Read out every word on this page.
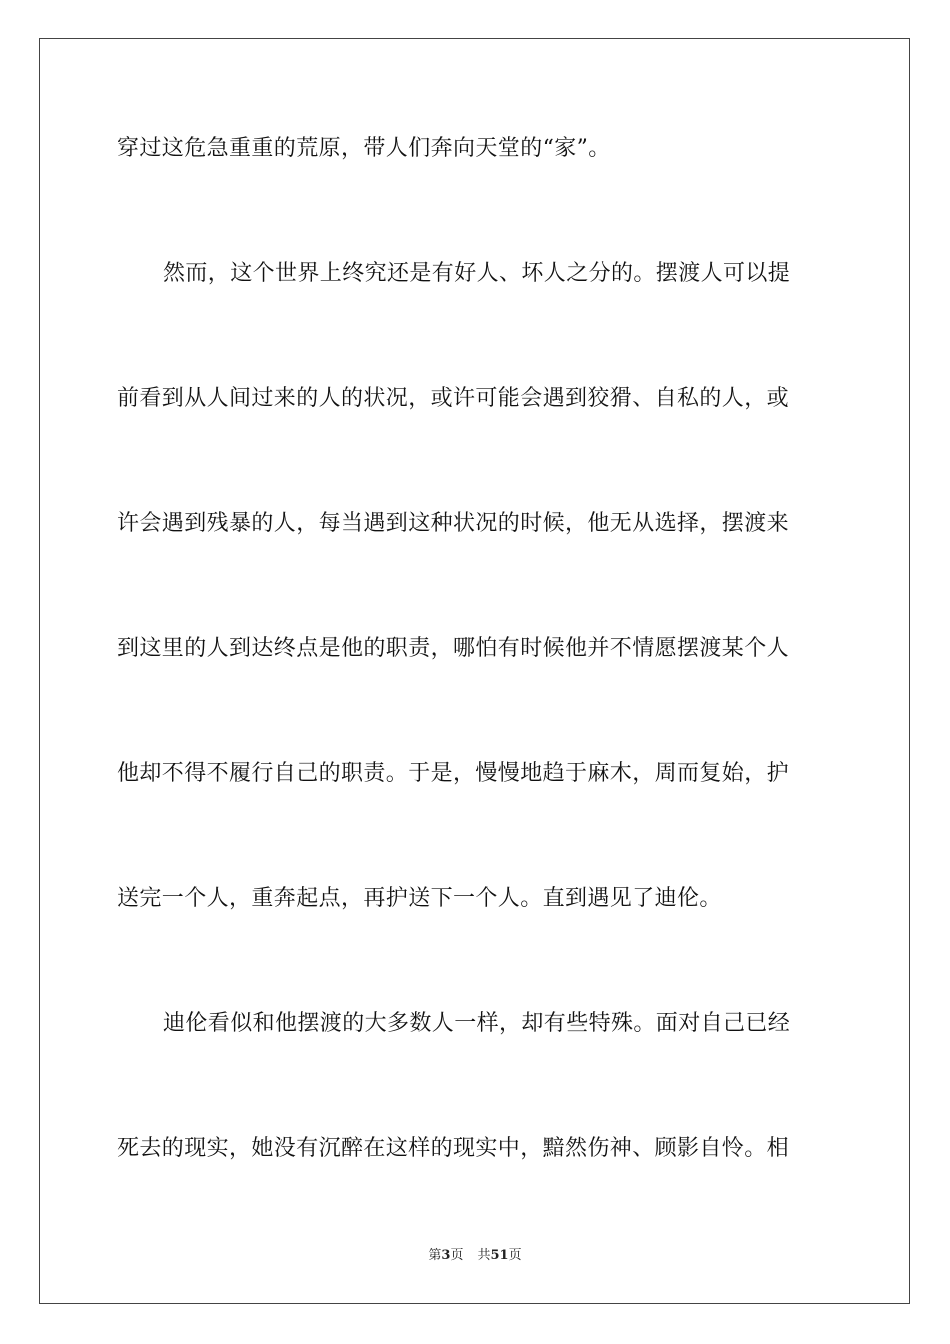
穿过这危急重重的荒原，带人们奔向天堂的“家”。
然而，这个世界上终究还是有好人、坏人之分的。摆渡人可以提
前看到从人间过来的人的状况，或许可能会遇到狡猾、自私的人，或
许会遇到残暴的人，每当遇到这种状况的时候，他无从选择，摆渡来
到这里的人到达终点是他的职责，哪怕有时候他并不情愿摆渡某个人
他却不得不履行自己的职责。于是，慢慢地趋于麻木，周而复始，护
送完一个人，重奔起点，再护送下一个人。直到遇见了迪伦。
迪伦看似和他摆渡的大多数人一样，却有些特殊。面对自己已经
死去的现实，她没有沉醉在这样的现实中，黯然伤神、顾影自怜。相
第3页 共51页
